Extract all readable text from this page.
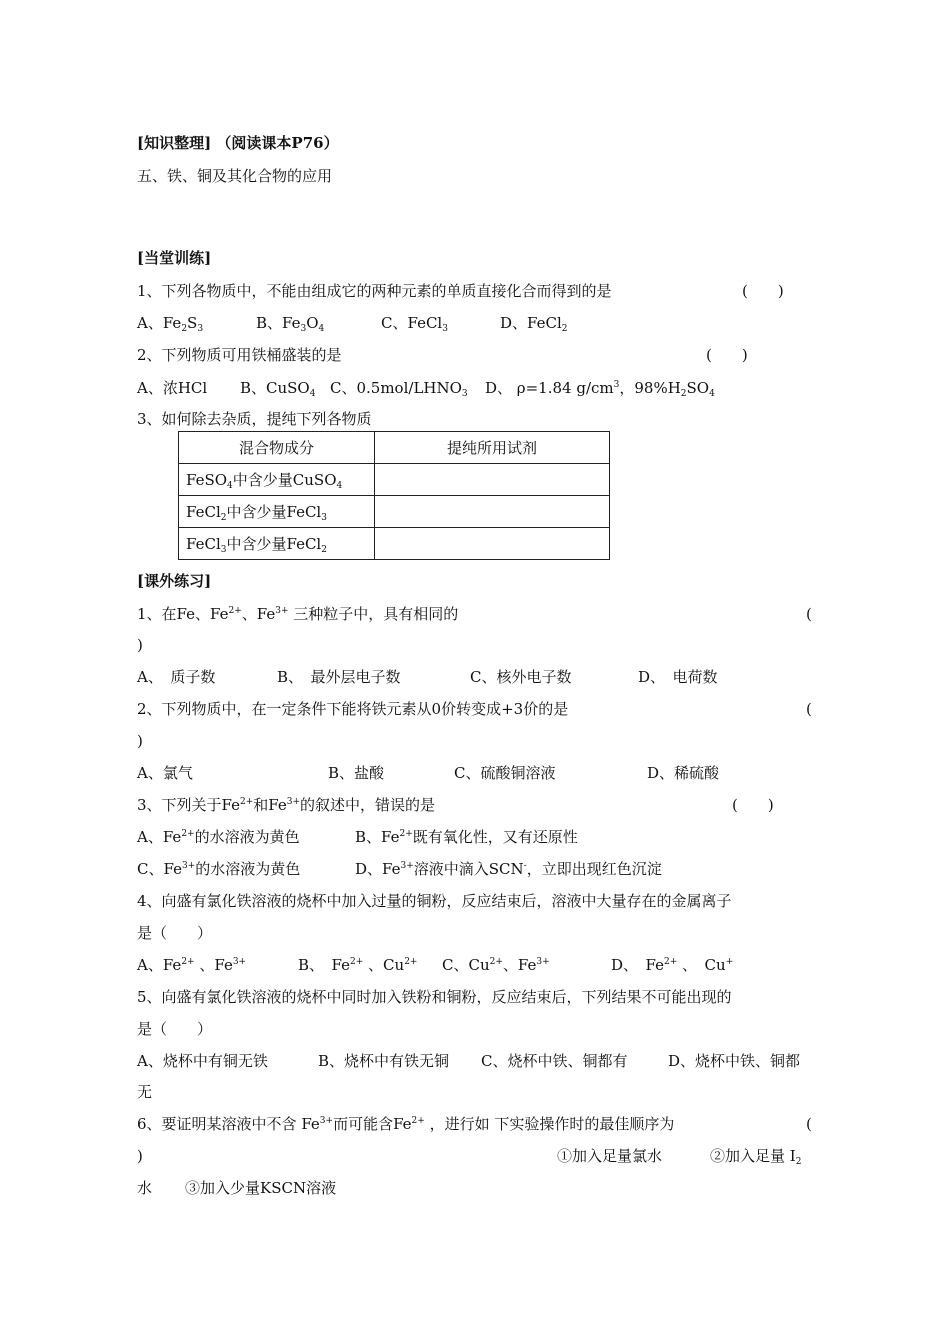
[知识整理] （阅读课本P76）
五、铁、铜及其化合物的应用
[当堂训练]
1、下列各物质中，不能由组成它的两种元素的单质直接化合而得到的是	(　　)
A、$Fe_2S_3$	B、$Fe_3O_4$	C、FeCl$_3$	D、FeCl$_2$
2、下列物质可用铁桶盛装的是	(　　)
A、浓HCl B、CuSO$_4$ C、$0.5mol/LHNO_3$ D、 ρ=1.84 $g/cm^3$，$98\%H_2SO_4$
3、如何除去杂质，提纯下列各物质
混合物成分	提纯所用试剂
FeSO$_4$中含少量CuSO$_4$	
FeCl$_2$中含少量FeCl$_3$	
FeCl$_3$中含少量FeCl$_2$	
[课外练习]
1、在Fe、$Fe^{2+}$、$Fe^{3+}$ 三种粒子中，具有相同的	(
)
A、　质子数	B、　最外层电子数	C、核外电子数	D、　电荷数
2、下列物质中，在一定条件下能将铁元素从0价转变成+3价的是	(
)
A、氯气	B、盐酸	C、硫酸铜溶液	D、稀硫酸
3、下列关于$Fe^{2+}$和$Fe^{3+}$的叙述中，错误的是	(　　)
A、$Fe^{2+}$的水溶液为黄色	B、$Fe^{2+}$既有氧化性，又有还原性
C、$Fe^{3+}$的水溶液为黄色	D、$Fe^{3+}$溶液中滴入SCN-，立即出现红色沉淀
4、向盛有氯化铁溶液的烧杯中加入过量的铜粉，反应结束后，溶液中大量存在的金属离子
是（　　）
A、$Fe^{2+}$ 、$Fe^{3+}$	B、　$Fe^{2+}$ 、$Cu^{2+}$ C、$Cu^{2+}$、$Fe^{3+}$	D、　$Fe^{2+}$ 、　Cu+
5、向盛有氯化铁溶液的烧杯中同时加入铁粉和铜粉，反应结束后，下列结果不可能出现的
是（　　）
A、烧杯中有铜无铁	B、烧杯中有铁无铜 C、烧杯中铁、铜都有	D、烧杯中铁、铜都
无
6、要证明某溶液中不含 $Fe^{3+}$而可能含$Fe^{2+}$ ，进行如 下实验操作时的最佳顺序为	(
)	①加入足量氯水	②加入足量 $I_2$
水 ③加入少量KSCN溶液
